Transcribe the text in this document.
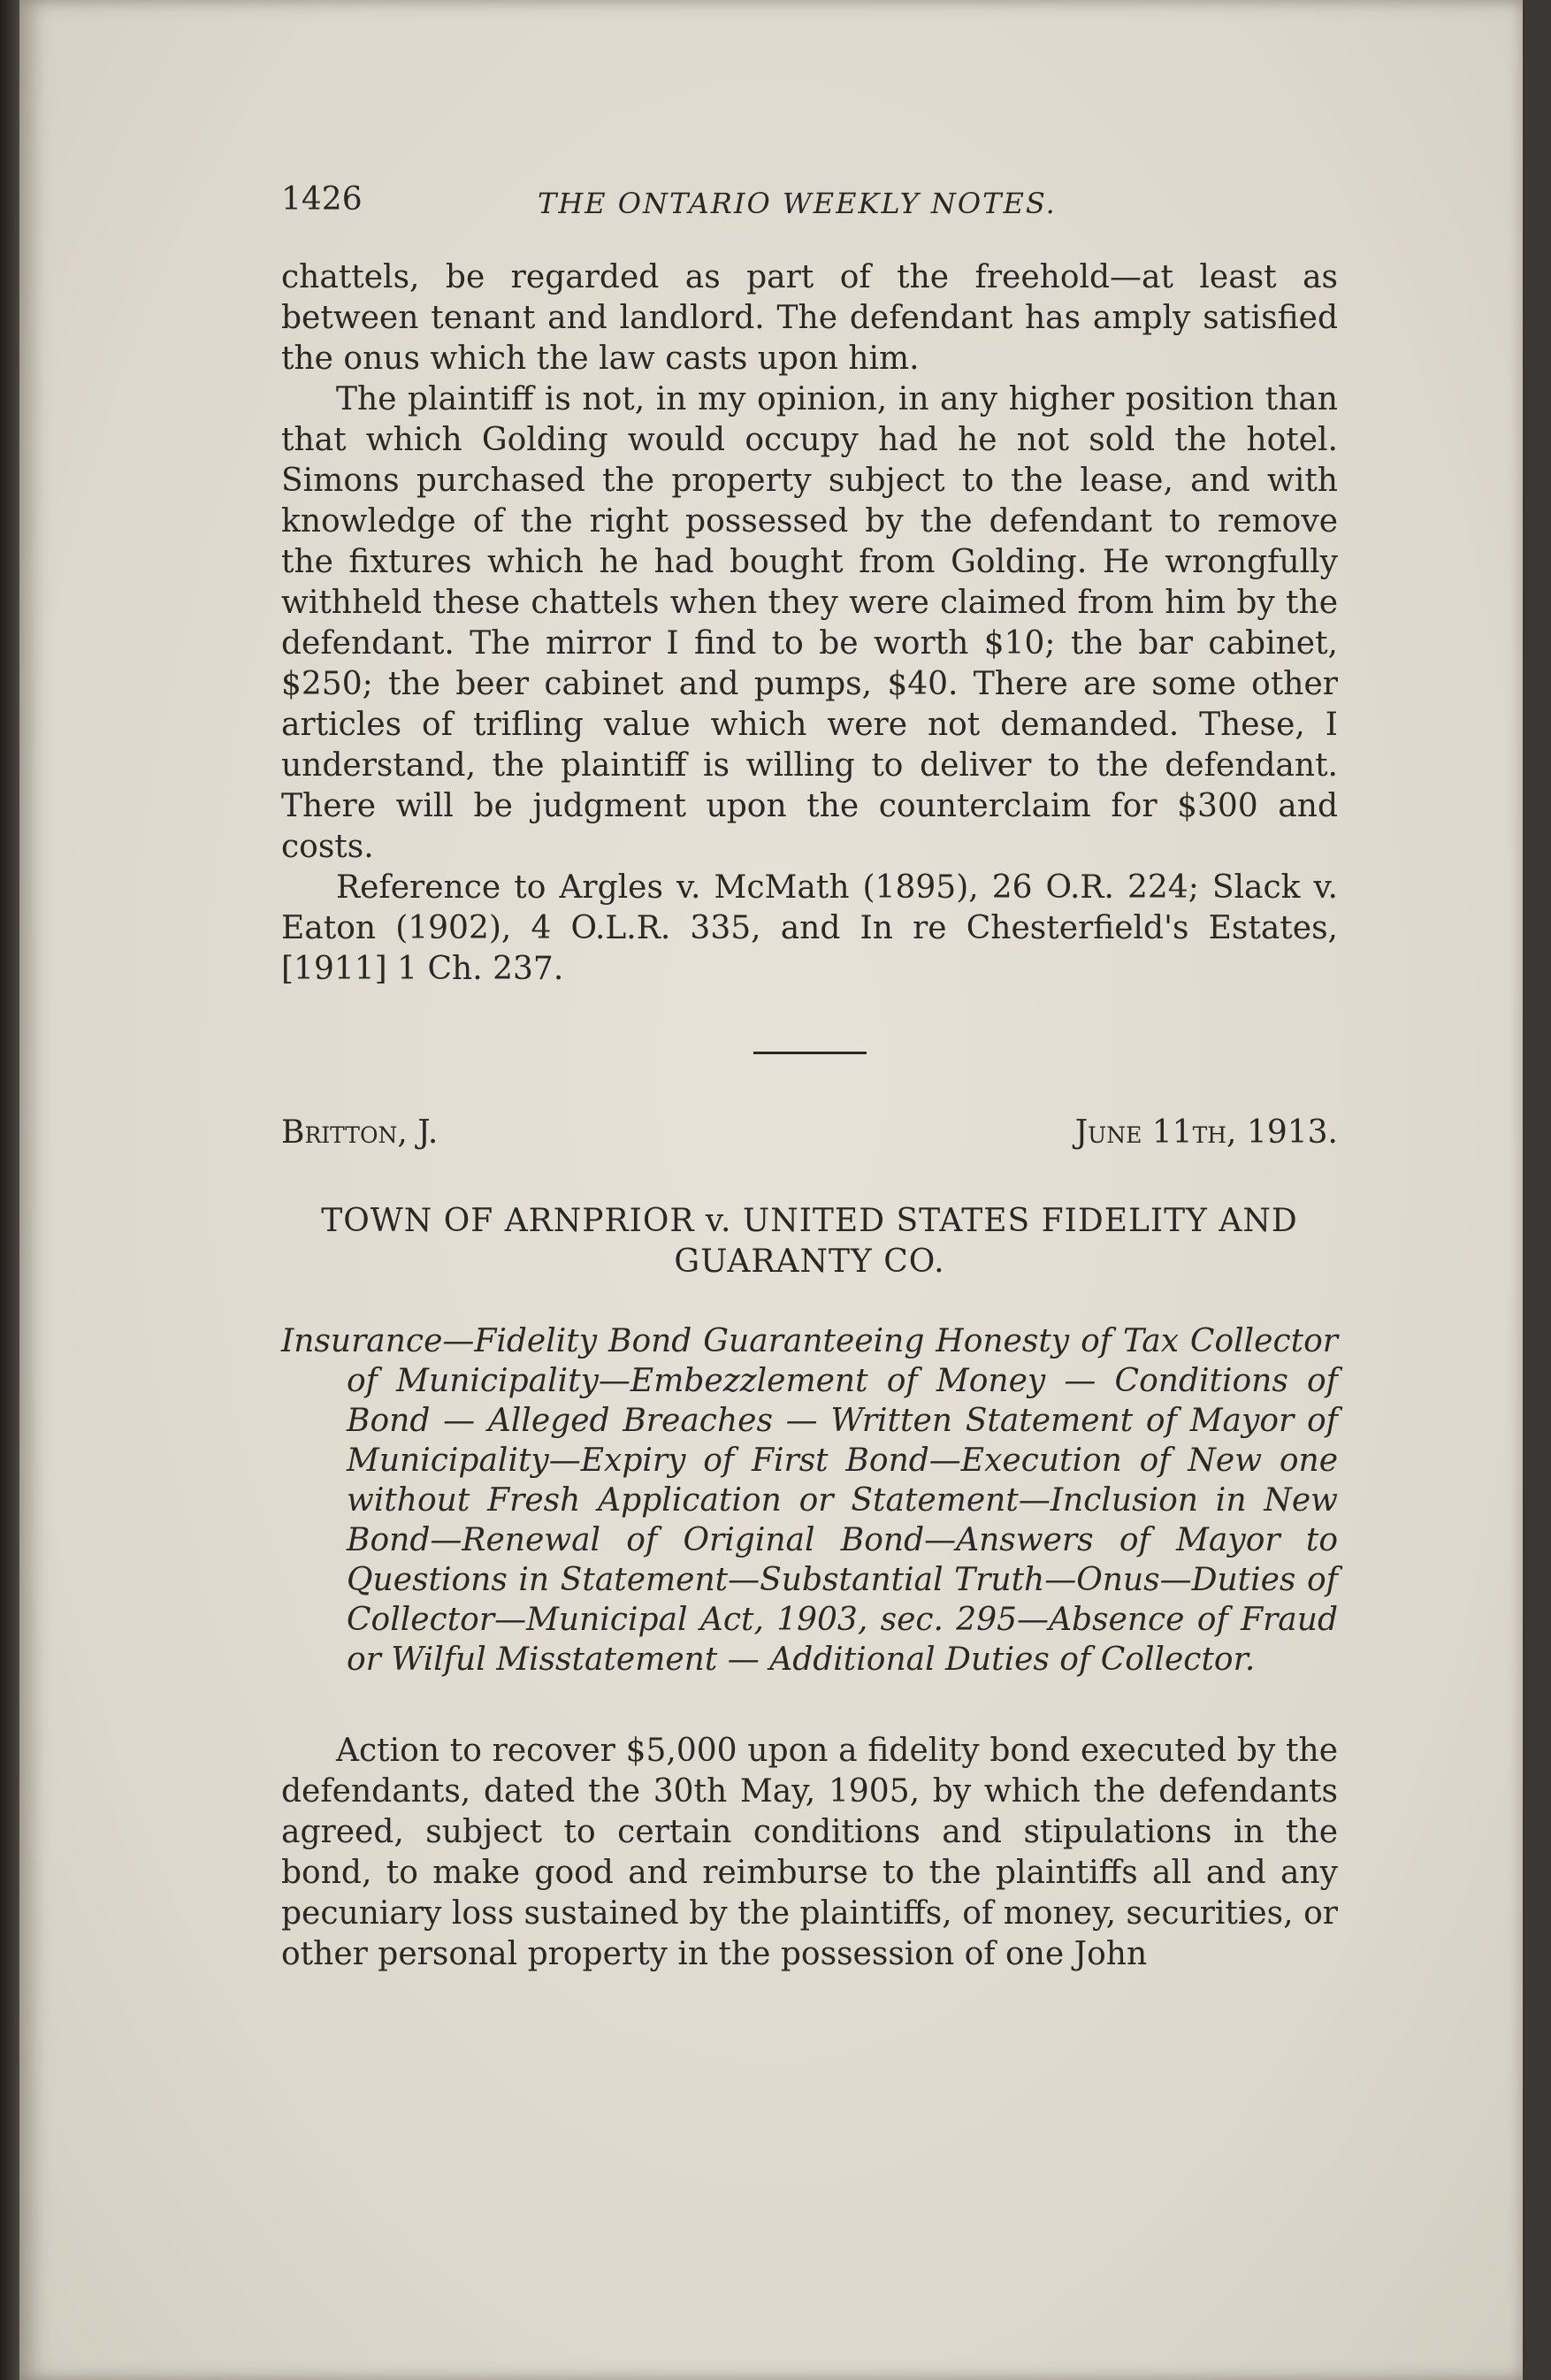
1426	THE ONTARIO WEEKLY NOTES.

chattels, be regarded as part of the freehold—at least as between tenant and landlord. The defendant has amply satisfied the onus which the law casts upon him.

The plaintiff is not, in my opinion, in any higher position than that which Golding would occupy had he not sold the hotel. Simons purchased the property subject to the lease, and with knowledge of the right possessed by the defendant to remove the fixtures which he had bought from Golding. He wrongfully withheld these chattels when they were claimed from him by the defendant. The mirror I find to be worth $10; the bar cabinet, $250; the beer cabinet and pumps, $40. There are some other articles of trifling value which were not demanded. These, I understand, the plaintiff is willing to deliver to the defendant. There will be judgment upon the counterclaim for $300 and costs.

Reference to Argles v. McMath (1895), 26 O.R. 224; Slack v. Eaton (1902), 4 O.L.R. 335, and In re Chesterfield's Estates, [1911] 1 Ch. 237.

Britton, J.	June 11th, 1913.
TOWN OF ARNPRIOR v. UNITED STATES FIDELITY AND GUARANTY CO.
Insurance—Fidelity Bond Guaranteeing Honesty of Tax Collector of Municipality—Embezzlement of Money — Conditions of Bond — Alleged Breaches — Written Statement of Mayor of Municipality—Expiry of First Bond—Execution of New one without Fresh Application or Statement—Inclusion in New Bond—Renewal of Original Bond—Answers of Mayor to Questions in Statement—Substantial Truth—Onus—Duties of Collector—Municipal Act, 1903, sec. 295—Absence of Fraud or Wilful Misstatement — Additional Duties of Collector.

Action to recover $5,000 upon a fidelity bond executed by the defendants, dated the 30th May, 1905, by which the defendants agreed, subject to certain conditions and stipulations in the bond, to make good and reimburse to the plaintiffs all and any pecuniary loss sustained by the plaintiffs, of money, securities, or other personal property in the possession of one John
